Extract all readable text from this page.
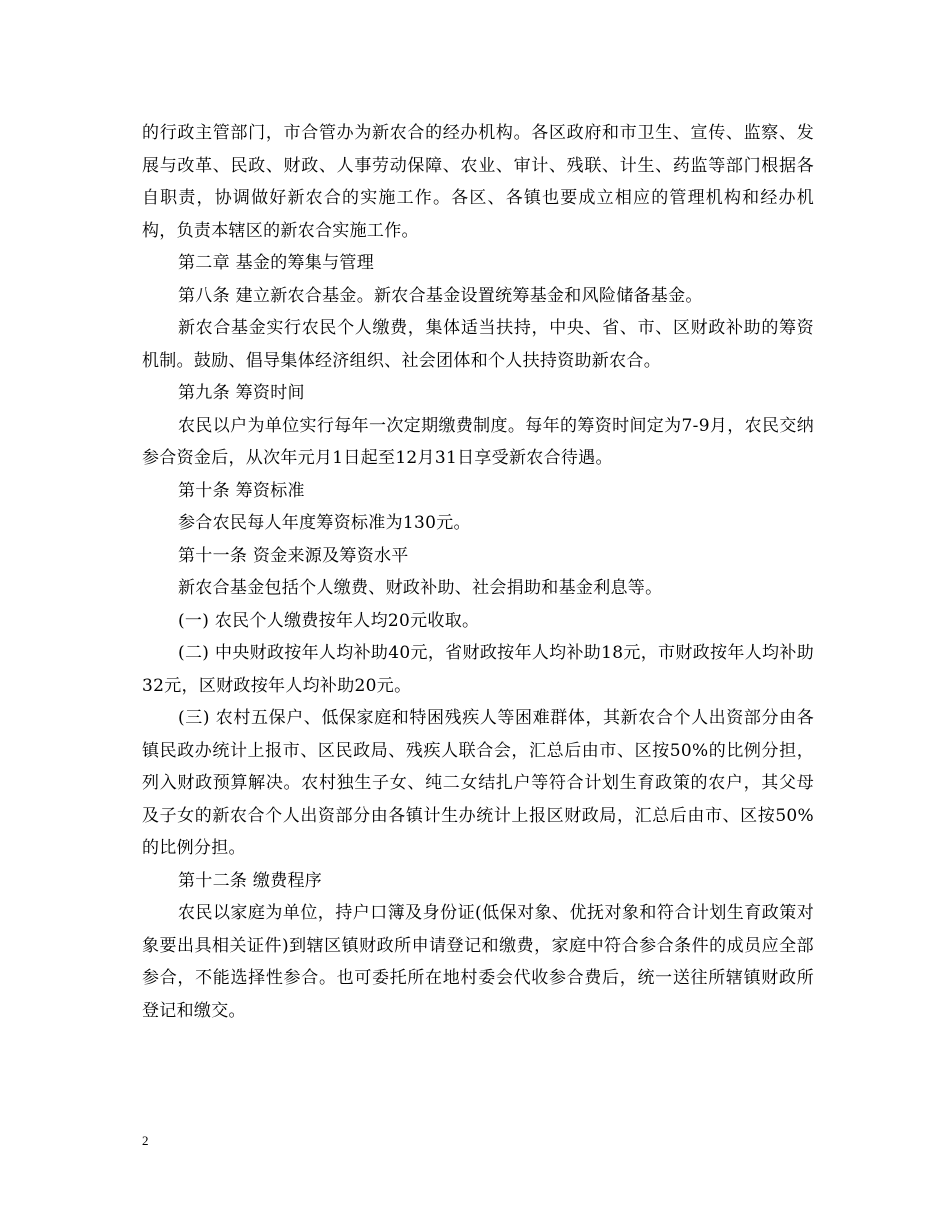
的行政主管部门，市合管办为新农合的经办机构。各区政府和市卫生、宣传、监察、发展与改革、民政、财政、人事劳动保障、农业、审计、残联、计生、药监等部门根据各自职责，协调做好新农合的实施工作。各区、各镇也要成立相应的管理机构和经办机构，负责本辖区的新农合实施工作。

第二章 基金的筹集与管理

第八条 建立新农合基金。新农合基金设置统筹基金和风险储备基金。

新农合基金实行农民个人缴费，集体适当扶持，中央、省、市、区财政补助的筹资机制。鼓励、倡导集体经济组织、社会团体和个人扶持资助新农合。

第九条 筹资时间

农民以户为单位实行每年一次定期缴费制度。每年的筹资时间定为7-9月，农民交纳参合资金后，从次年元月1日起至12月31日享受新农合待遇。

第十条 筹资标准

参合农民每人年度筹资标准为130元。

第十一条 资金来源及筹资水平

新农合基金包括个人缴费、财政补助、社会捐助和基金利息等。

(一) 农民个人缴费按年人均20元收取。

(二) 中央财政按年人均补助40元，省财政按年人均补助18元，市财政按年人均补助32元，区财政按年人均补助20元。

(三) 农村五保户、低保家庭和特困残疾人等困难群体，其新农合个人出资部分由各镇民政办统计上报市、区民政局、残疾人联合会，汇总后由市、区按50%的比例分担，列入财政预算解决。农村独生子女、纯二女结扎户等符合计划生育政策的农户，其父母及子女的新农合个人出资部分由各镇计生办统计上报区财政局，汇总后由市、区按50%的比例分担。

第十二条 缴费程序

农民以家庭为单位，持户口簿及身份证(低保对象、优抚对象和符合计划生育政策对象要出具相关证件)到辖区镇财政所申请登记和缴费，家庭中符合参合条件的成员应全部参合，不能选择性参合。也可委托所在地村委会代收参合费后，统一送往所辖镇财政所登记和缴交。

2
